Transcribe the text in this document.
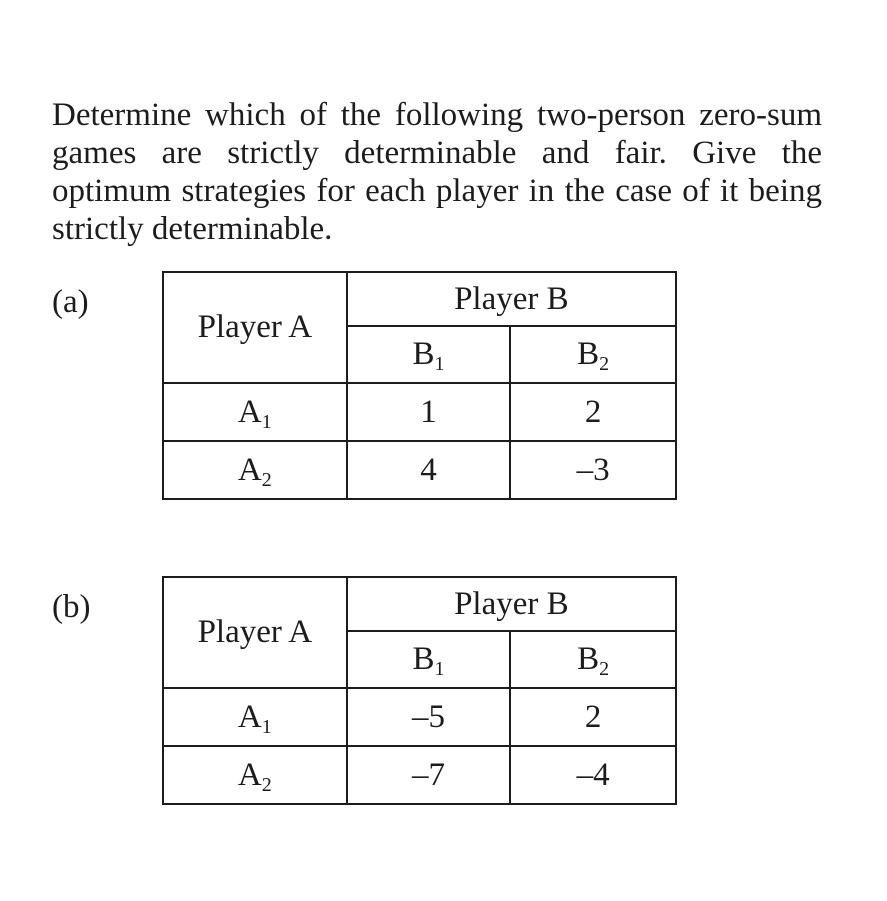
Determine which of the following two-person zero-sum games are strictly determinable and fair. Give the optimum strategies for each player in the case of it being strictly determinable.

(a)
Player A	Player B	
	$B_1$	$B_2$
$A_1$	1	2
$A_2$	4	–3
(b)
Player A	Player B	
	$B_1$	$B_2$
$A_1$	–5	2
$A_2$	–7	–4
